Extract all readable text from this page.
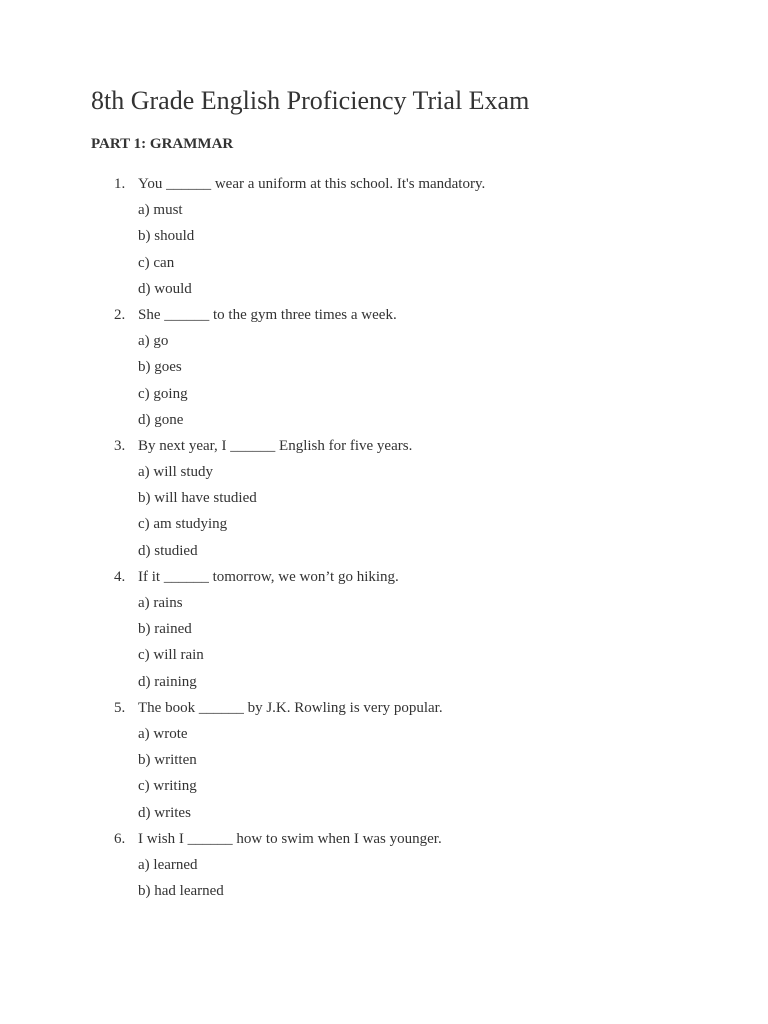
8th Grade English Proficiency Trial Exam
PART 1: GRAMMAR
1. You ______ wear a uniform at this school. It's mandatory.
a) must
b) should
c) can
d) would
2. She ______ to the gym three times a week.
a) go
b) goes
c) going
d) gone
3. By next year, I ______ English for five years.
a) will study
b) will have studied
c) am studying
d) studied
4. If it ______ tomorrow, we won’t go hiking.
a) rains
b) rained
c) will rain
d) raining
5. The book ______ by J.K. Rowling is very popular.
a) wrote
b) written
c) writing
d) writes
6. I wish I ______ how to swim when I was younger.
a) learned
b) had learned
